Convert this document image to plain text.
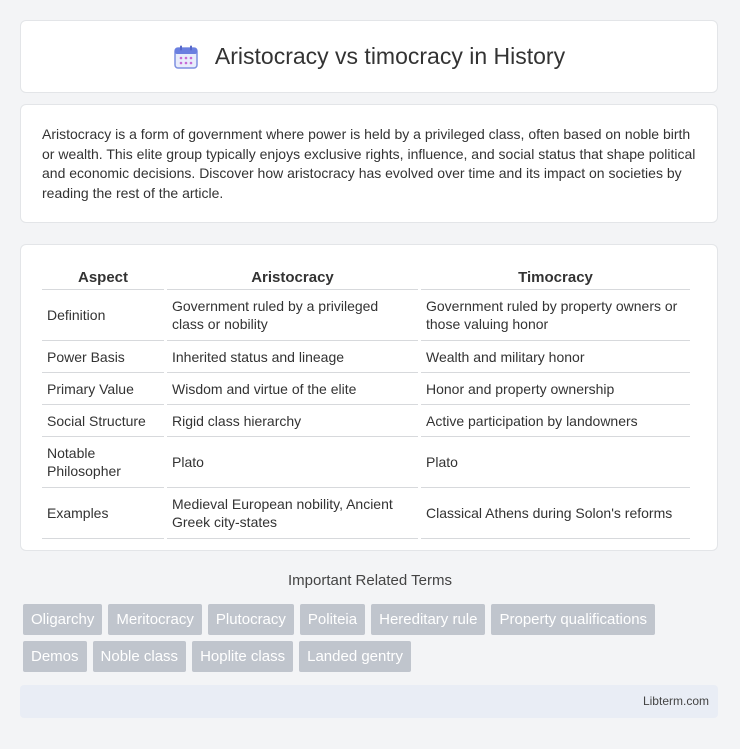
Aristocracy vs timocracy in History

Aristocracy is a form of government where power is held by a privileged class, often based on noble birth or wealth. This elite group typically enjoys exclusive rights, influence, and social status that shape political and economic decisions. Discover how aristocracy has evolved over time and its impact on societies by reading the rest of the article.

Aspect	Aristocracy	Timocracy
Definition	Government ruled by a privileged class or nobility	Government ruled by property owners or those valuing honor
Power Basis	Inherited status and lineage	Wealth and military honor
Primary Value	Wisdom and virtue of the elite	Honor and property ownership
Social Structure	Rigid class hierarchy	Active participation by landowners
Notable Philosopher	Plato	Plato
Examples	Medieval European nobility, Ancient Greek city-states	Classical Athens during Solon's reforms
Important Related Terms
Oligarchy	Meritocracy	Plutocracy	Politeia	Hereditary rule	Property qualifications
Demos	Noble class	Hoplite class	Landed gentry
Libterm.com
